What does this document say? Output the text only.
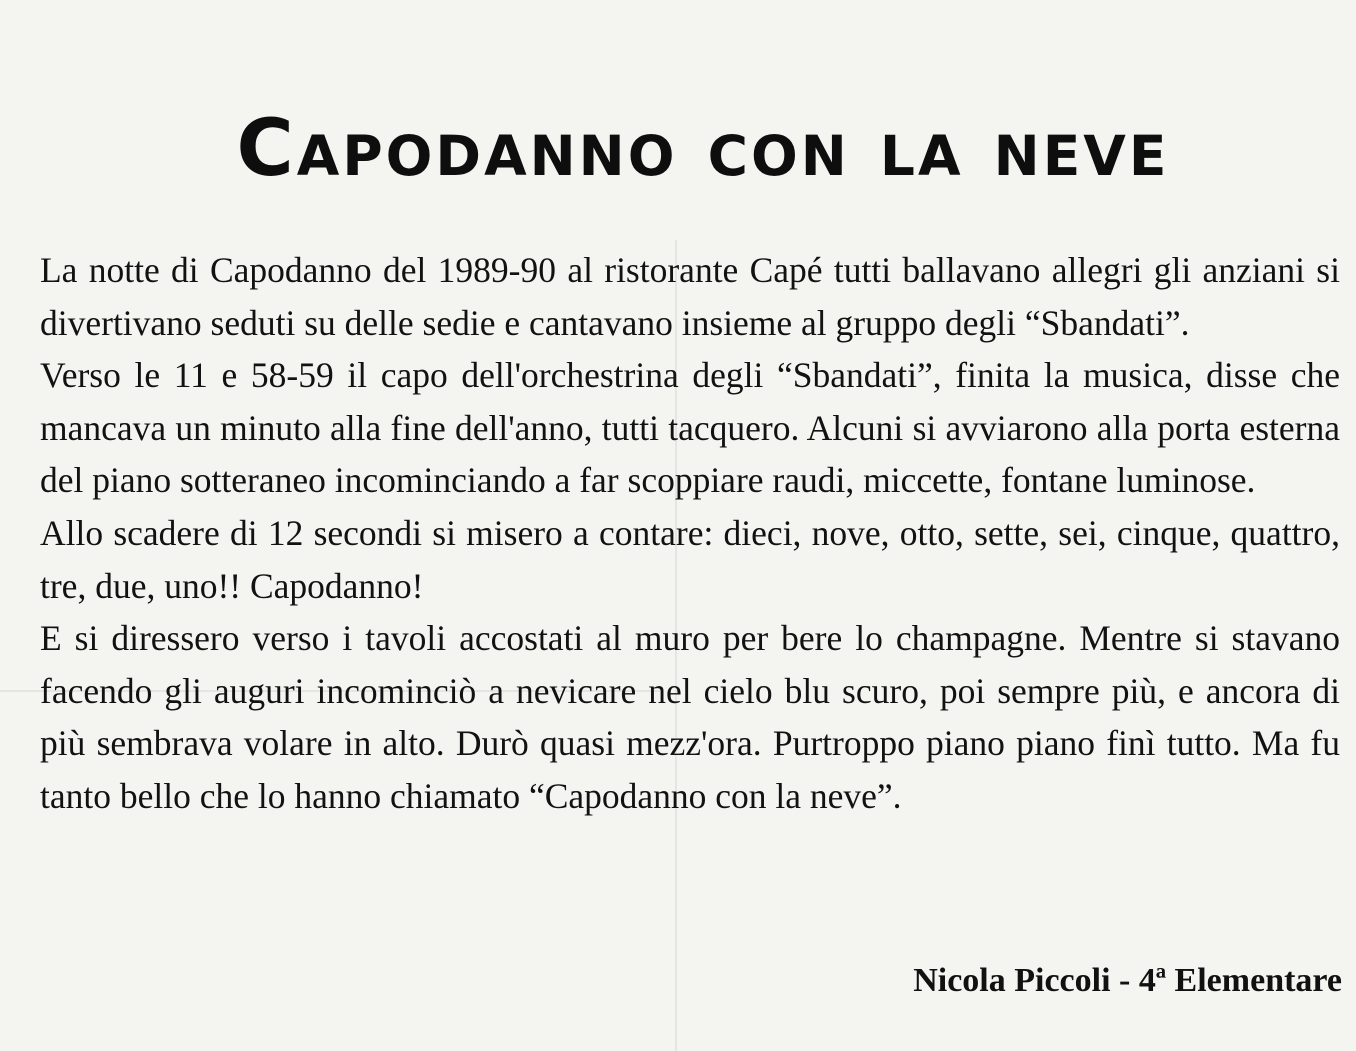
Capodanno con la neve

La notte di Capodanno del 1989-90 al ristorante Capé tutti ballavano allegri gli anziani si divertivano seduti su delle sedie e cantavano insieme al gruppo degli “Sbandati”.

Verso le 11 e 58-59 il capo dell'orchestrina degli “Sbandati”, finita la musica, disse che mancava un minuto alla fine dell'anno, tutti tacquero. Alcuni si avviarono alla porta esterna del piano sotteraneo incominciando a far scoppiare raudi, miccette, fontane luminose.

Allo scadere di 12 secondi si misero a contare: dieci, nove, otto, sette, sei, cinque, quattro, tre, due, uno!! Capodanno!

E si diressero verso i tavoli accostati al muro per bere lo champagne. Mentre si stavano facendo gli auguri incominciò a nevicare nel cielo blu scuro, poi sempre più, e ancora di più sembrava volare in alto. Durò quasi mezz'ora. Purtroppo piano piano finì tutto. Ma fu tanto bello che lo hanno chiamato “Capodanno con la neve”.

Nicola Piccoli - 4ª Elementare
